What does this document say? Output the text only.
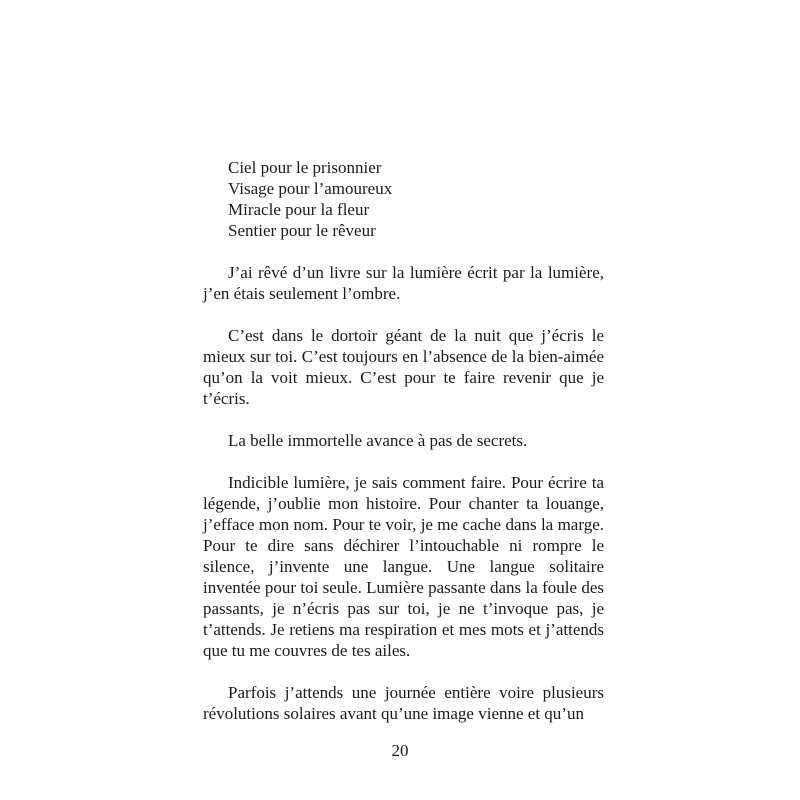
Ciel pour le prisonnier

Visage pour l’amoureux

Miracle pour la fleur

Sentier pour le rêveur

J’ai rêvé d’un livre sur la lumière écrit par la lumière, j’en étais seulement l’ombre.

C’est dans le dortoir géant de la nuit que j’écris le mieux sur toi. C’est toujours en l’absence de la bien-aimée qu’on la voit mieux. C’est pour te faire revenir que je t’écris.

La belle immortelle avance à pas de secrets.

Indicible lumière, je sais comment faire. Pour écrire ta légende, j’oublie mon histoire. Pour chanter ta louange, j’efface mon nom. Pour te voir, je me cache dans la marge. Pour te dire sans déchirer l’intouchable ni rompre le silence, j’invente une langue. Une langue solitaire inventée pour toi seule. Lumière passante dans la foule des passants, je n’écris pas sur toi, je ne t’invoque pas, je t’attends. Je retiens ma respiration et mes mots et j’attends que tu me couvres de tes ailes.

Parfois j’attends une journée entière voire plusieurs révolutions solaires avant qu’une image vienne et qu’un

20
